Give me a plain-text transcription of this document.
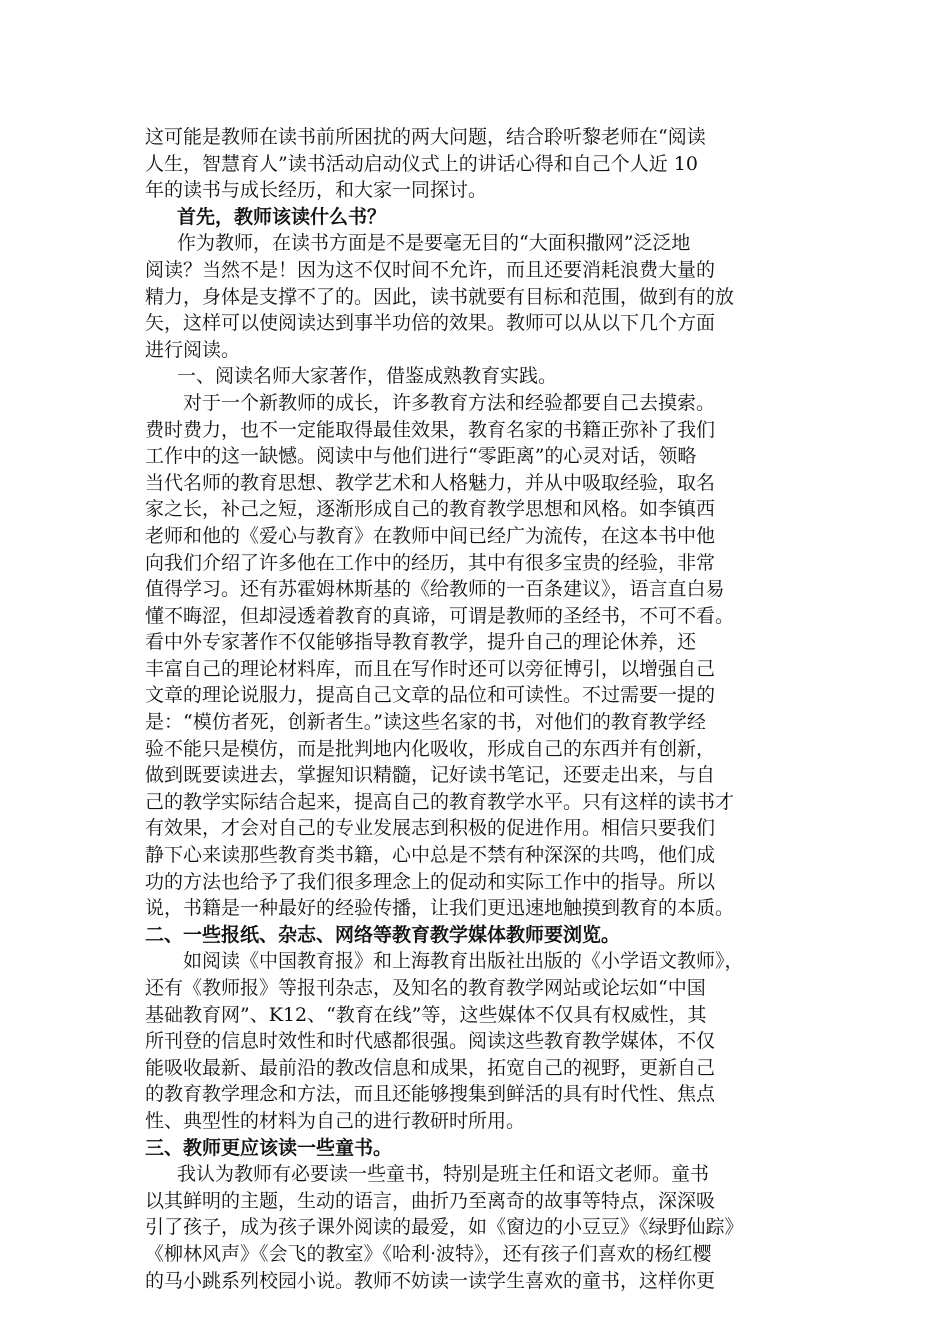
这可能是教师在读书前所困扰的两大问题，结合聆听黎老师在“阅读
人生，智慧育人”读书活动启动仪式上的讲话心得和自己个人近 10
年的读书与成长经历，和大家一同探讨。
首先，教师该读什么书？
作为教师，在读书方面是不是要毫无目的“大面积撒网”泛泛地
阅读？当然不是！因为这不仅时间不允许，而且还要消耗浪费大量的
精力，身体是支撑不了的。因此，读书就要有目标和范围，做到有的放
矢，这样可以使阅读达到事半功倍的效果。教师可以从以下几个方面
进行阅读。
一、阅读名师大家著作，借鉴成熟教育实践。
对于一个新教师的成长，许多教育方法和经验都要自己去摸索。
费时费力，也不一定能取得最佳效果，教育名家的书籍正弥补了我们
工作中的这一缺憾。阅读中与他们进行“零距离”的心灵对话，领略
当代名师的教育思想、教学艺术和人格魅力，并从中吸取经验，取名
家之长，补己之短，逐渐形成自己的教育教学思想和风格。如李镇西
老师和他的《爱心与教育》在教师中间已经广为流传，在这本书中他
向我们介绍了许多他在工作中的经历，其中有很多宝贵的经验，非常
值得学习。还有苏霍姆林斯基的《给教师的一百条建议》，语言直白易
懂不晦涩，但却浸透着教育的真谛，可谓是教师的圣经书，不可不看。
看中外专家著作不仅能够指导教育教学，提升自己的理论休养，还
丰富自己的理论材料库，而且在写作时还可以旁征博引，以增强自己
文章的理论说服力，提高自己文章的品位和可读性。不过需要一提的
是：“模仿者死，创新者生。”读这些名家的书，对他们的教育教学经
验不能只是模仿，而是批判地内化吸收，形成自己的东西并有创新，
做到既要读进去，掌握知识精髓，记好读书笔记，还要走出来，与自
己的教学实际结合起来，提高自己的教育教学水平。只有这样的读书才
有效果，才会对自己的专业发展志到积极的促进作用。相信只要我们
静下心来读那些教育类书籍，心中总是不禁有种深深的共鸣，他们成
功的方法也给予了我们很多理念上的促动和实际工作中的指导。所以
说，书籍是一种最好的经验传播，让我们更迅速地触摸到教育的本质。
二、一些报纸、杂志、网络等教育教学媒体教师要浏览。
如阅读《中国教育报》和上海教育出版社出版的《小学语文教师》，
还有《教师报》等报刊杂志，及知名的教育教学网站或论坛如“中国
基础教育网”、K12、“教育在线”等，这些媒体不仅具有权威性，其
所刊登的信息时效性和时代感都很强。阅读这些教育教学媒体，不仅
能吸收最新、最前沿的教改信息和成果，拓宽自己的视野，更新自己
的教育教学理念和方法，而且还能够搜集到鲜活的具有时代性、焦点
性、典型性的材料为自己的进行教研时所用。
三、教师更应该读一些童书。
我认为教师有必要读一些童书，特别是班主任和语文老师。童书
以其鲜明的主题，生动的语言，曲折乃至离奇的故事等特点，深深吸
引了孩子，成为孩子课外阅读的最爱，如《窗边的小豆豆》《绿野仙踪》
《柳林风声》《会飞的教室》《哈利·波特》，还有孩子们喜欢的杨红樱
的马小跳系列校园小说。教师不妨读一读学生喜欢的童书，这样你更
